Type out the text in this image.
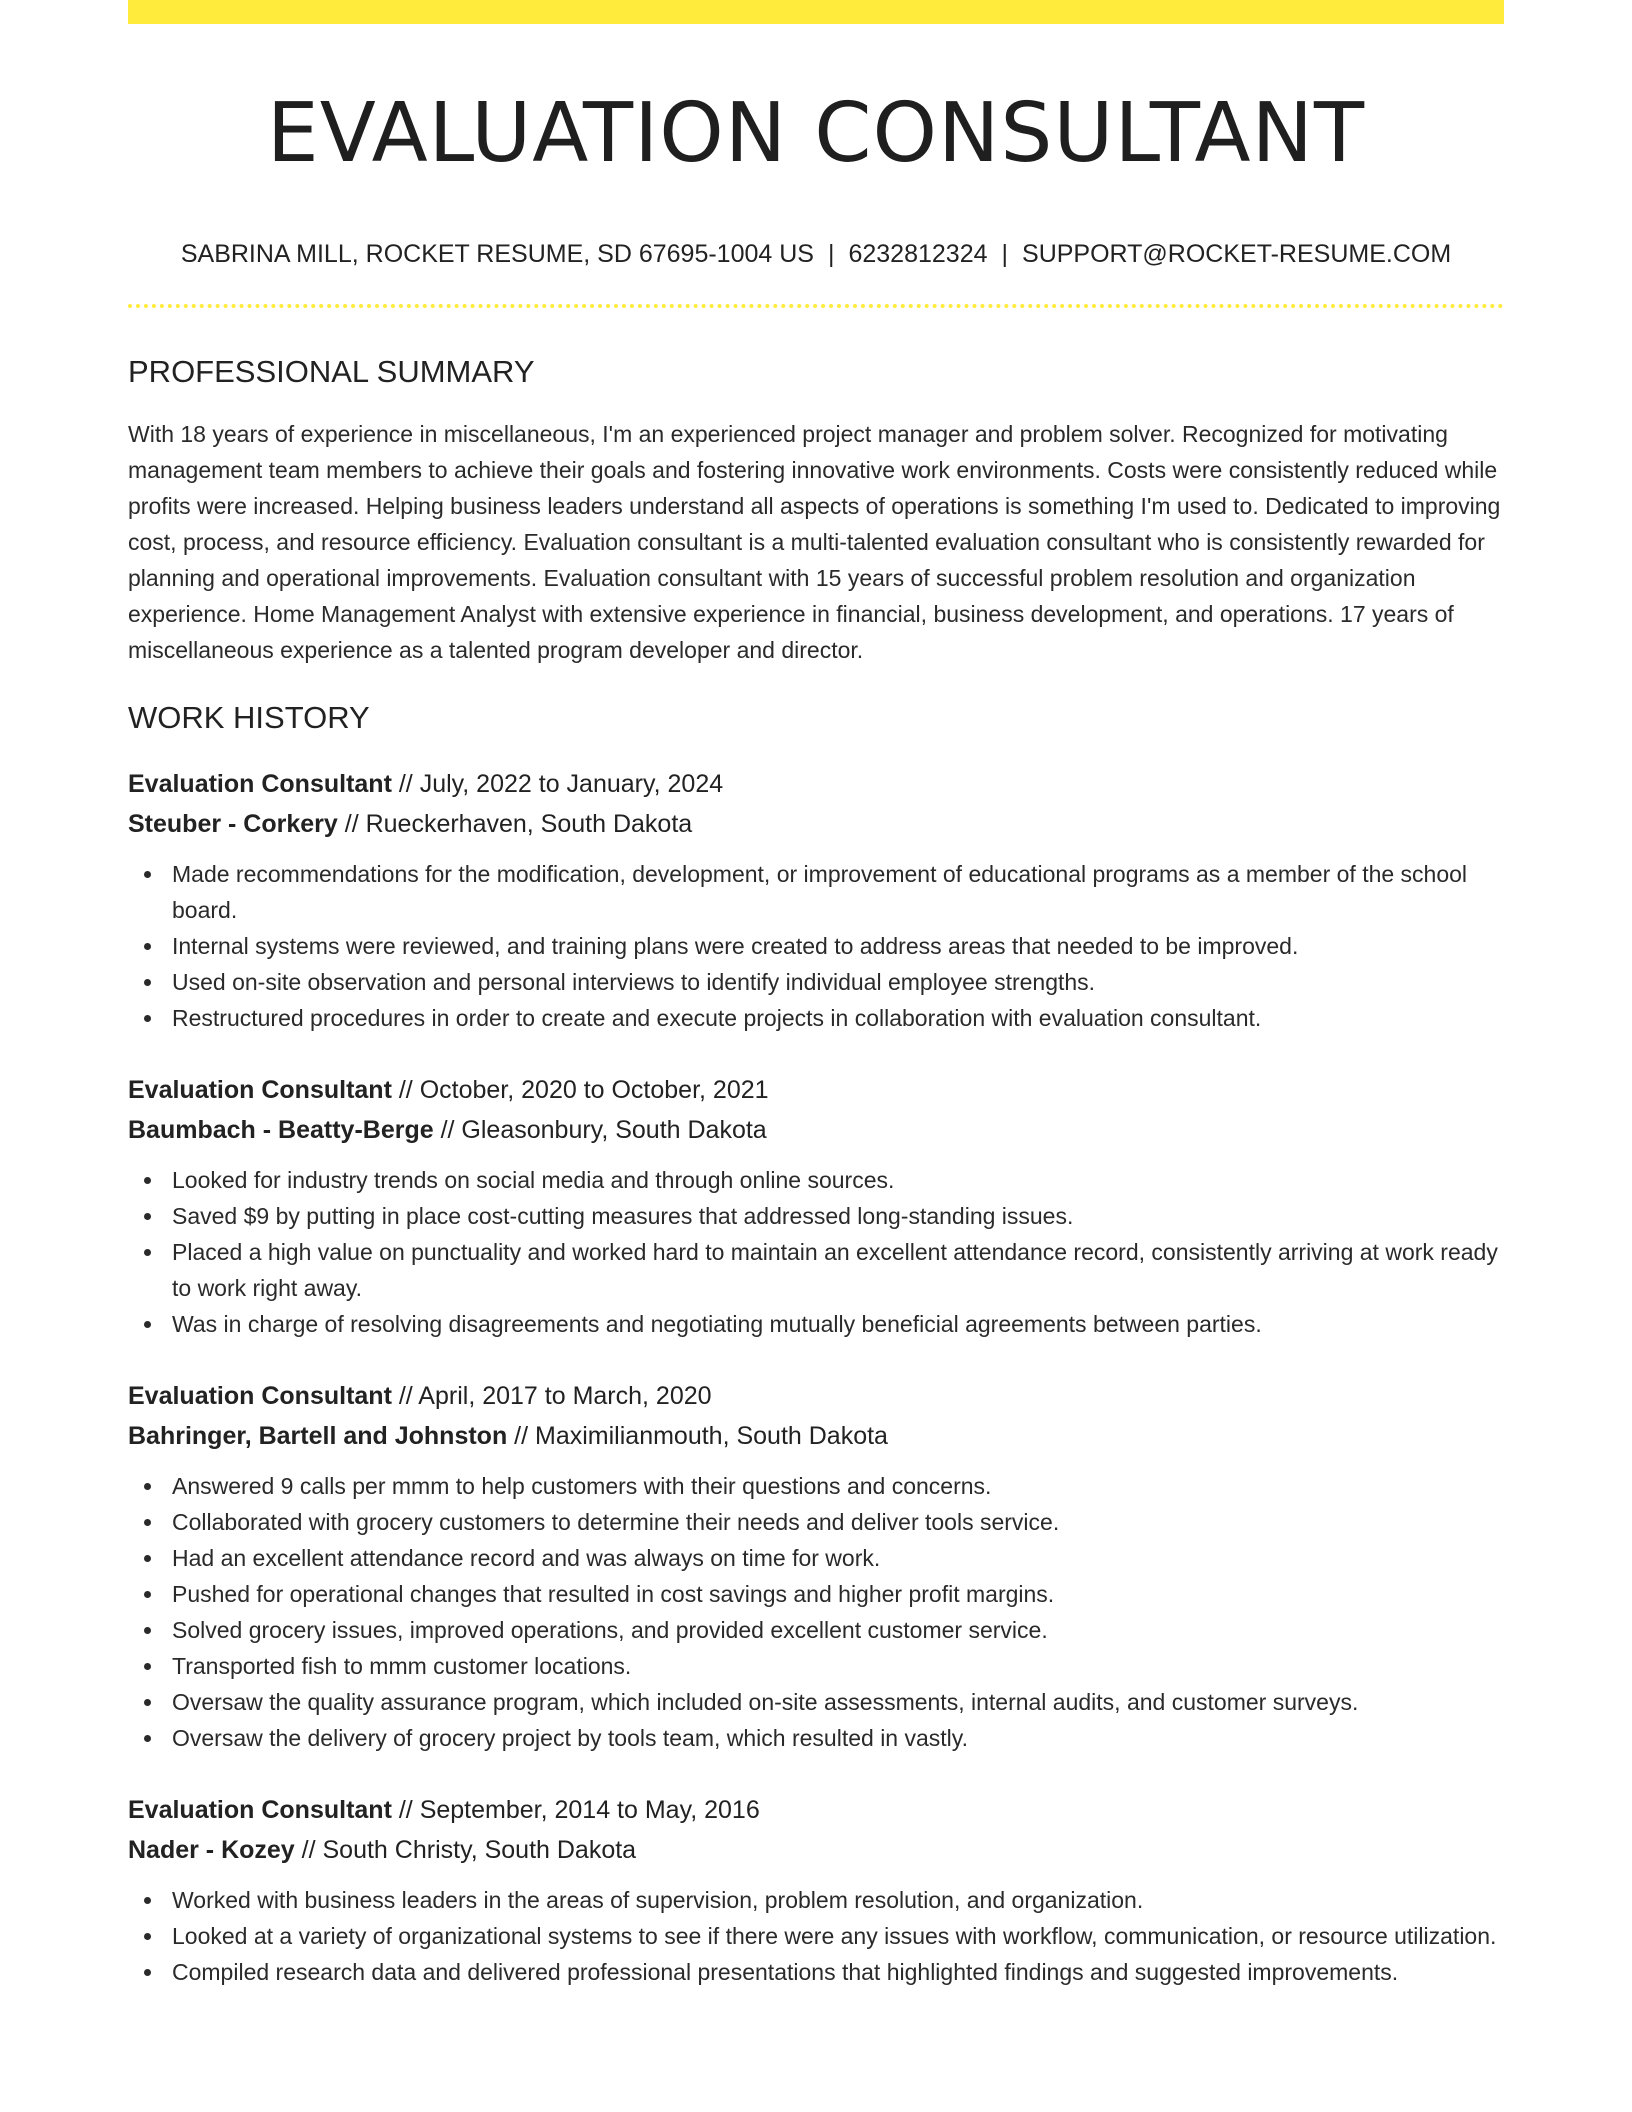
EVALUATION CONSULTANT
SABRINA MILL, ROCKET RESUME, SD 67695-1004 US | 6232812324 | SUPPORT@ROCKET-RESUME.COM
PROFESSIONAL SUMMARY

With 18 years of experience in miscellaneous, I'm an experienced project manager and problem solver. Recognized for motivating management team members to achieve their goals and fostering innovative work environments. Costs were consistently reduced while profits were increased. Helping business leaders understand all aspects of operations is something I'm used to. Dedicated to improving cost, process, and resource efficiency. Evaluation consultant is a multi-talented evaluation consultant who is consistently rewarded for planning and operational improvements. Evaluation consultant with 15 years of successful problem resolution and organization experience. Home Management Analyst with extensive experience in financial, business development, and operations. 17 years of miscellaneous experience as a talented program developer and director.

WORK HISTORY
Evaluation Consultant // July, 2022 to January, 2024
Steuber - Corkery // Rueckerhaven, South Dakota
Made recommendations for the modification, development, or improvement of educational programs as a member of the school board.
Internal systems were reviewed, and training plans were created to address areas that needed to be improved.
Used on-site observation and personal interviews to identify individual employee strengths.
Restructured procedures in order to create and execute projects in collaboration with evaluation consultant.
Evaluation Consultant // October, 2020 to October, 2021
Baumbach - Beatty-Berge // Gleasonbury, South Dakota
Looked for industry trends on social media and through online sources.
Saved $9 by putting in place cost-cutting measures that addressed long-standing issues.
Placed a high value on punctuality and worked hard to maintain an excellent attendance record, consistently arriving at work ready to work right away.
Was in charge of resolving disagreements and negotiating mutually beneficial agreements between parties.
Evaluation Consultant // April, 2017 to March, 2020
Bahringer, Bartell and Johnston // Maximilianmouth, South Dakota
Answered 9 calls per mmm to help customers with their questions and concerns.
Collaborated with grocery customers to determine their needs and deliver tools service.
Had an excellent attendance record and was always on time for work.
Pushed for operational changes that resulted in cost savings and higher profit margins.
Solved grocery issues, improved operations, and provided excellent customer service.
Transported fish to mmm customer locations.
Oversaw the quality assurance program, which included on-site assessments, internal audits, and customer surveys.
Oversaw the delivery of grocery project by tools team, which resulted in vastly.
Evaluation Consultant // September, 2014 to May, 2016
Nader - Kozey // South Christy, South Dakota
Worked with business leaders in the areas of supervision, problem resolution, and organization.
Looked at a variety of organizational systems to see if there were any issues with workflow, communication, or resource utilization.
Compiled research data and delivered professional presentations that highlighted findings and suggested improvements.
